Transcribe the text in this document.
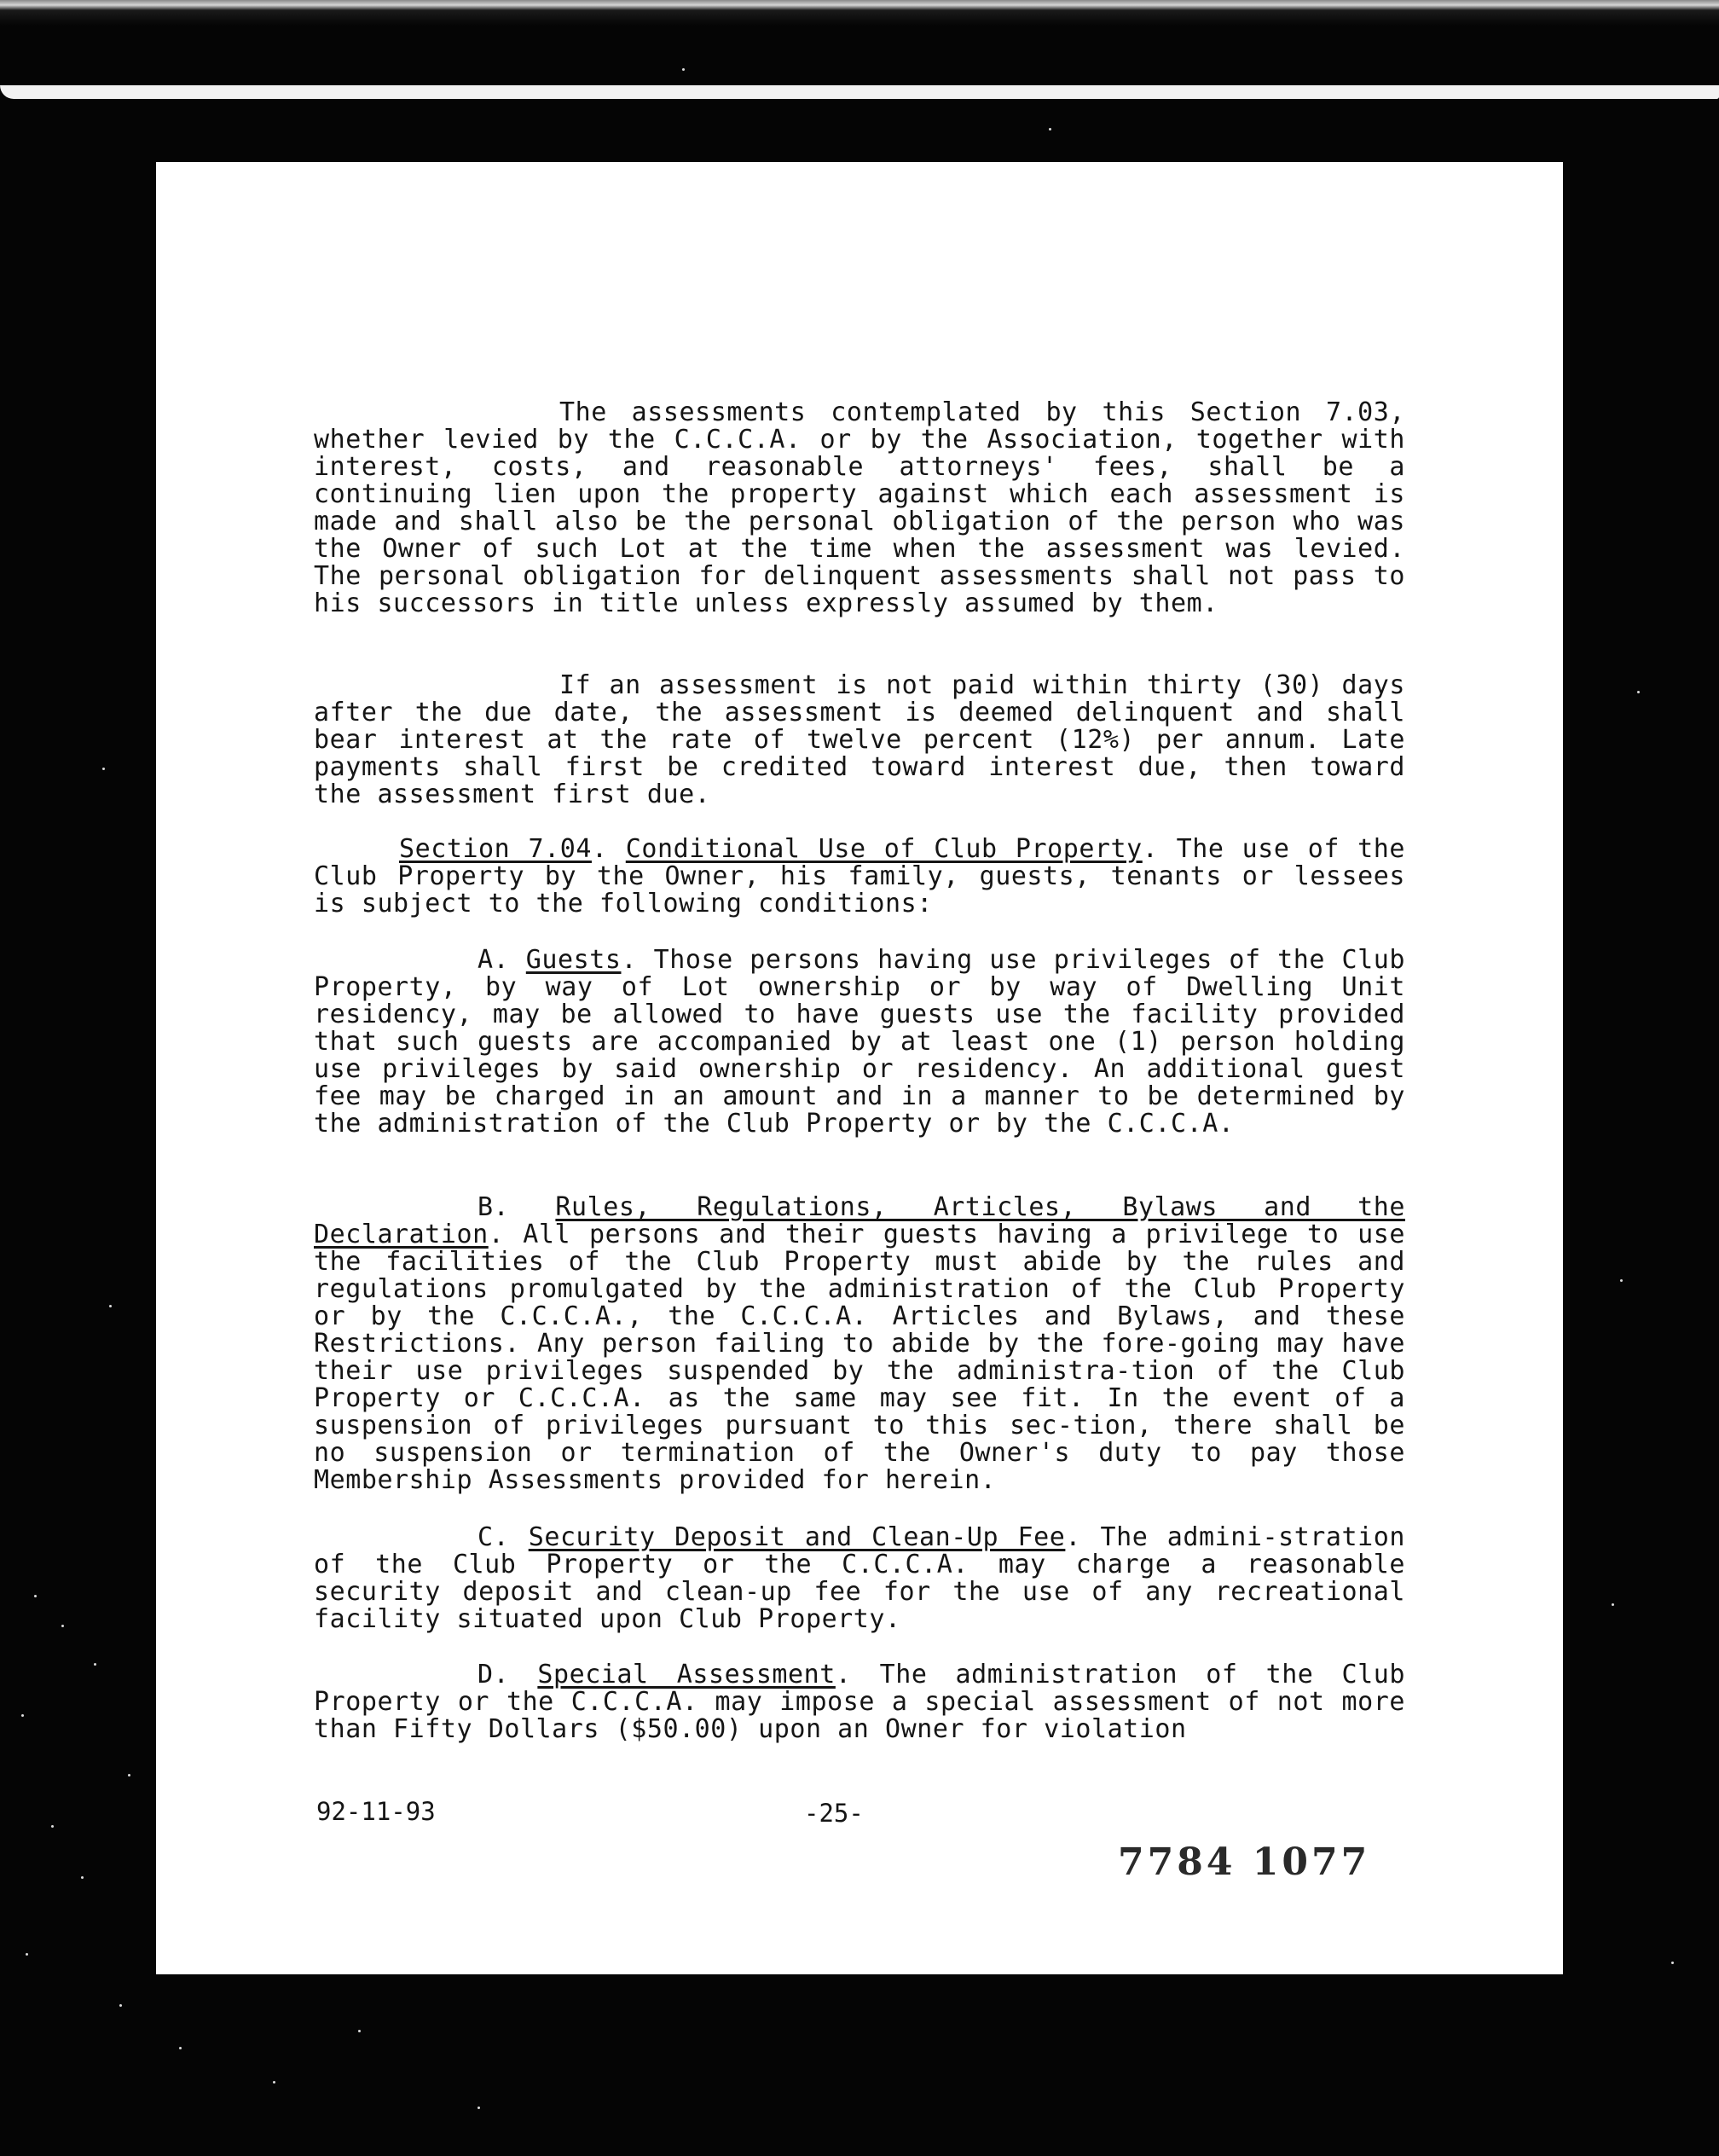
The assessments contemplated by this Section 7.03, whether levied by the C.C.C.A. or by the Association, together with interest, costs, and reasonable attorneys' fees, shall be a continuing lien upon the property against which each assessment is made and shall also be the personal obligation of the person who was the Owner of such Lot at the time when the assessment was levied. The personal obligation for delinquent assessments shall not pass to his successors in title unless expressly assumed by them.

If an assessment is not paid within thirty (30) days after the due date, the assessment is deemed delinquent and shall bear interest at the rate of twelve percent (12%) per annum. Late payments shall first be credited toward interest due, then toward the assessment first due.

Section 7.04. Conditional Use of Club Property. The use of the Club Property by the Owner, his family, guests, tenants or lessees is subject to the following conditions:

A. Guests. Those persons having use privileges of the Club Property, by way of Lot ownership or by way of Dwelling Unit residency, may be allowed to have guests use the facility provided that such guests are accompanied by at least one (1) person holding use privileges by said ownership or residency. An additional guest fee may be charged in an amount and in a manner to be determined by the administration of the Club Property or by the C.C.C.A.

B. Rules, Regulations, Articles, Bylaws and the Declaration. All persons and their guests having a privilege to use the facilities of the Club Property must abide by the rules and regulations promulgated by the administration of the Club Property or by the C.C.C.A., the C.C.C.A. Articles and Bylaws, and these Restrictions. Any person failing to abide by the fore-going may have their use privileges suspended by the administra-tion of the Club Property or C.C.C.A. as the same may see fit. In the event of a suspension of privileges pursuant to this sec-tion, there shall be no suspension or termination of the Owner's duty to pay those Membership Assessments provided for herein.

C. Security Deposit and Clean-Up Fee. The admini-stration of the Club Property or the C.C.C.A. may charge a reasonable security deposit and clean-up fee for the use of any recreational facility situated upon Club Property.

D. Special Assessment. The administration of the Club Property or the C.C.C.A. may impose a special assessment of not more than Fifty Dollars ($50.00) upon an Owner for violation

92-11-93	-25-
7784 1077
